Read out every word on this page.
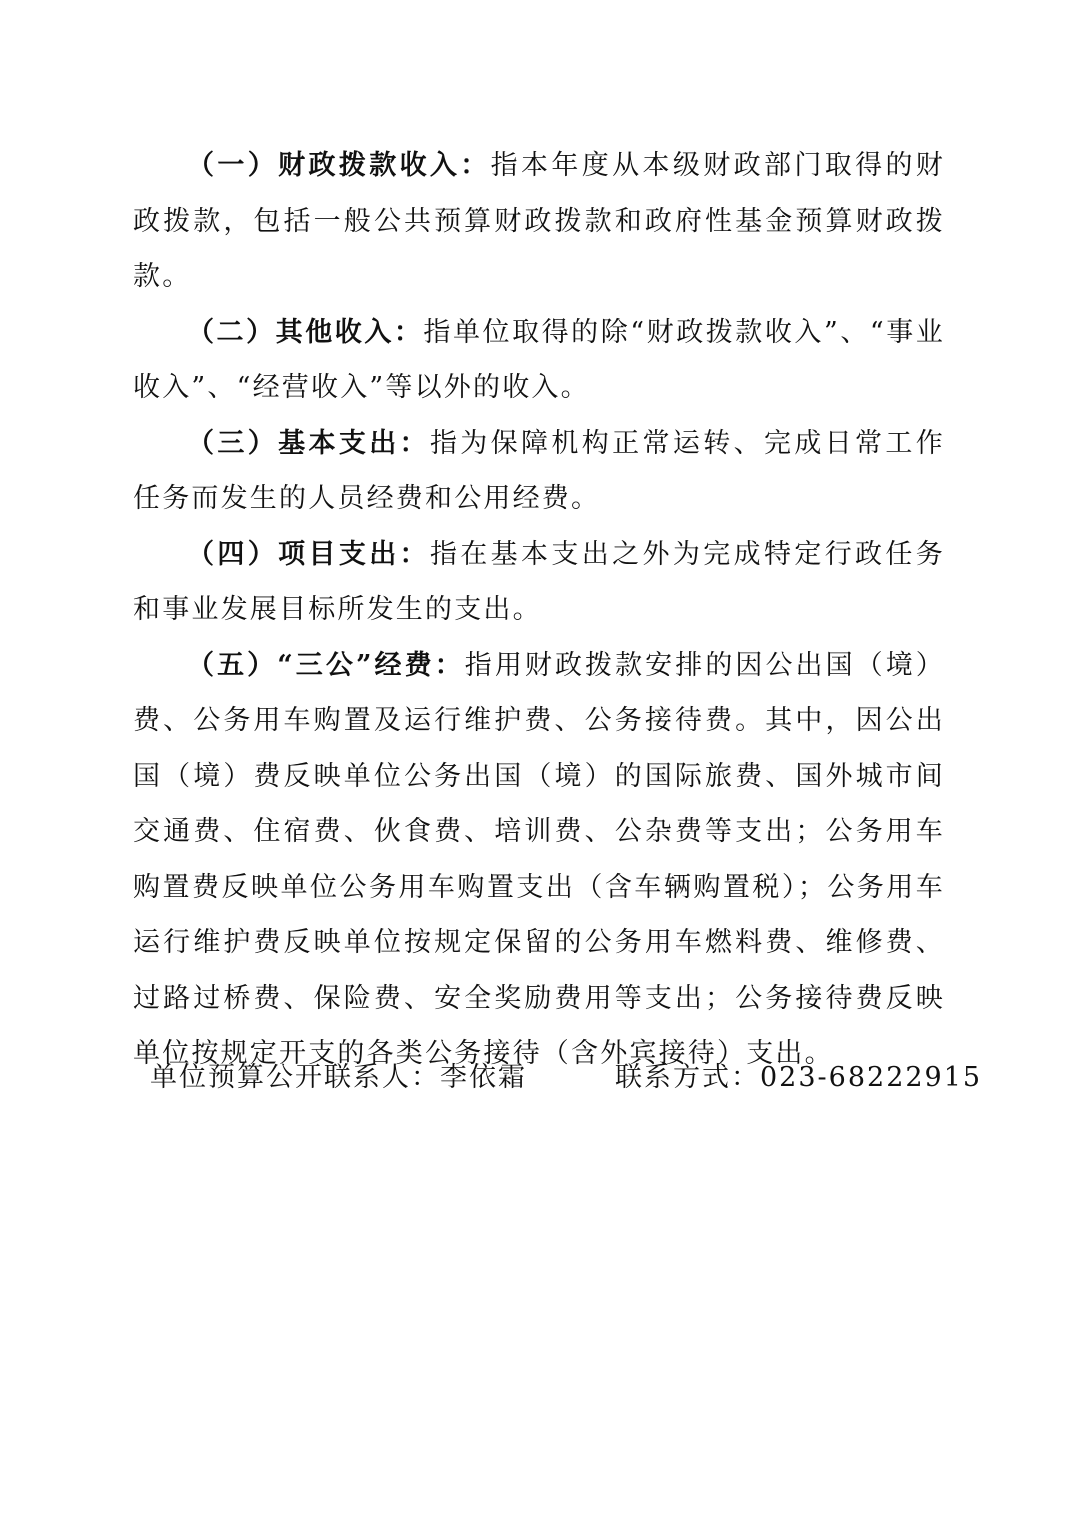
（一）财政拨款收入：指本年度从本级财政部门取得的财政拨款，包括一般公共预算财政拨款和政府性基金预算财政拨款。

（二）其他收入：指单位取得的除“财政拨款收入”、“事业收入”、“经营收入”等以外的收入。

（三）基本支出：指为保障机构正常运转、完成日常工作任务而发生的人员经费和公用经费。

（四）项目支出：指在基本支出之外为完成特定行政任务和事业发展目标所发生的支出。

（五）“三公”经费：指用财政拨款安排的因公出国（境）费、公务用车购置及运行维护费、公务接待费。其中，因公出国（境）费反映单位公务出国（境）的国际旅费、国外城市间交通费、住宿费、伙食费、培训费、公杂费等支出；公务用车购置费反映单位公务用车购置支出（含车辆购置税）；公务用车运行维护费反映单位按规定保留的公务用车燃料费、维修费、过路过桥费、保险费、安全奖励费用等支出；公务接待费反映单位按规定开支的各类公务接待（含外宾接待）支出。

单位预算公开联系人：李依霜	联系方式：023-68222915
